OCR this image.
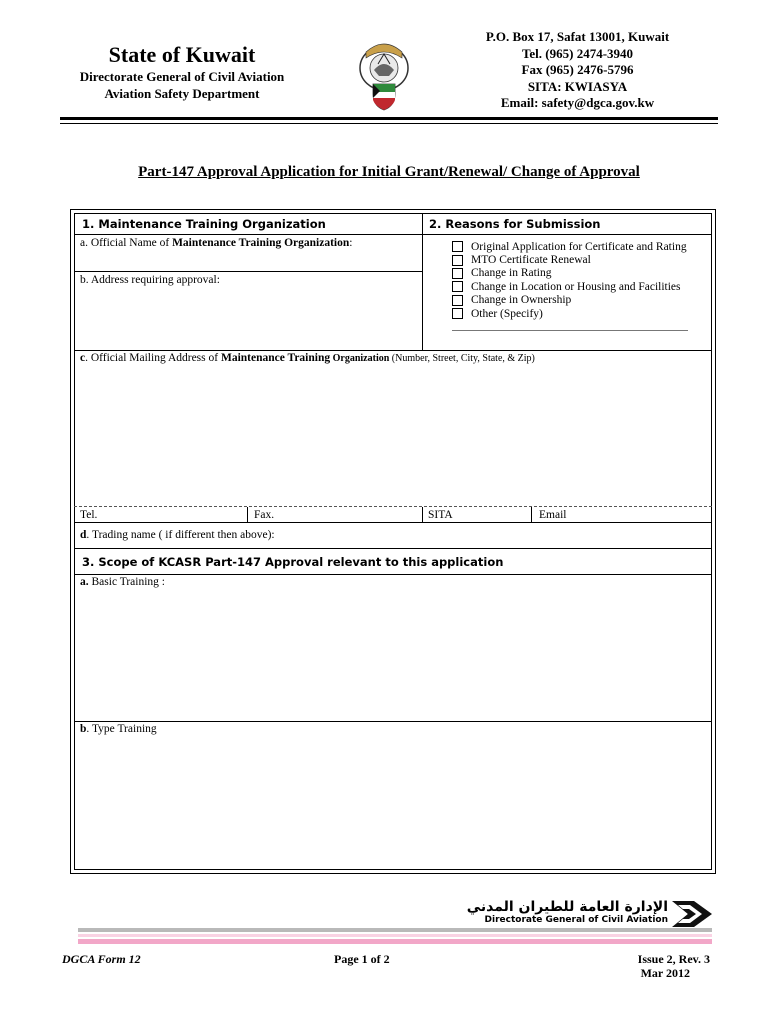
State of Kuwait
Directorate General of Civil Aviation
Aviation Safety Department
P.O. Box 17, Safat 13001, Kuwait
Tel. (965) 2474-3940
Fax (965) 2476-5796
SITA: KWIASYA
Email: safety@dgca.gov.kw
Part-147 Approval Application for Initial Grant/Renewal/ Change of Approval
1. Maintenance Training Organization
a. Official Name of Maintenance Training Organization:
b. Address requiring approval:
2. Reasons for Submission
Original Application for Certificate and Rating
MTO Certificate Renewal
Change in Rating
Change in Location or Housing and Facilities
Change in Ownership
Other (Specify)
c. Official Mailing Address of Maintenance Training Organization (Number, Street, City, State, & Zip)
Tel.	Fax.	SITA	Email
d. Trading name ( if different then above):
3. Scope of KCASR Part-147 Approval relevant to this application
a. Basic Training :
b. Type Training
الإدارة العامة للطيران المدني
Directorate General of Civil Aviation
DGCA Form 12	Page 1 of 2	Issue 2, Rev. 3
Mar 2012
